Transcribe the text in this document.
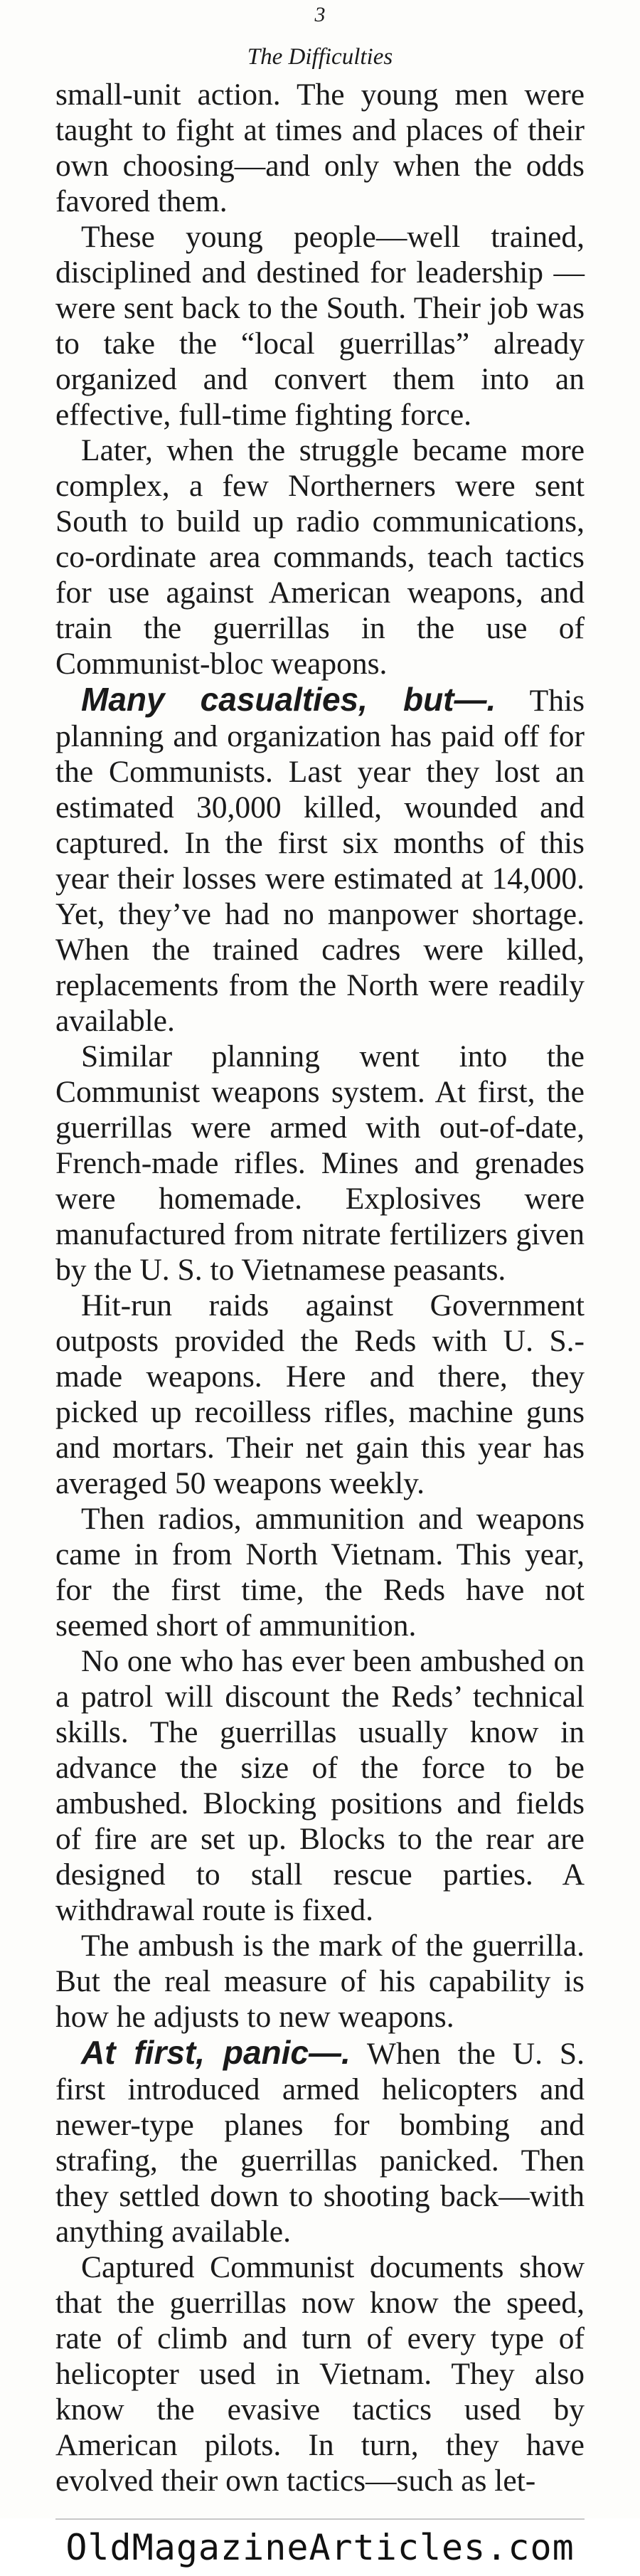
3
The Difficulties

small-unit action. The young men were taught to fight at times and places of their own choosing—and only when the odds favored them.

These young people—well trained, disciplined and destined for leadership —were sent back to the South. Their job was to take the “local guerrillas” already organized and convert them into an effective, full-time fighting force.

Later, when the struggle became more complex, a few Northerners were sent South to build up radio communications, co-ordinate area commands, teach tactics for use against American weapons, and train the guerrillas in the use of Communist-bloc weapons.

Many casualties, but—. This planning and organization has paid off for the Communists. Last year they lost an estimated 30,000 killed, wounded and captured. In the first six months of this year their losses were estimated at 14,000. Yet, they’ve had no manpower shortage. When the trained cadres were killed, replacements from the North were readily available.

Similar planning went into the Communist weapons system. At first, the guerrillas were armed with out-of-date, French-made rifles. Mines and grenades were homemade. Explosives were manufactured from nitrate fertilizers given by the U. S. to Vietnamese peasants.

Hit-run raids against Government outposts provided the Reds with U. S.-made weapons. Here and there, they picked up recoilless rifles, machine guns and mortars. Their net gain this year has averaged 50 weapons weekly.

Then radios, ammunition and weapons came in from North Vietnam. This year, for the first time, the Reds have not seemed short of ammunition.

No one who has ever been ambushed on a patrol will discount the Reds’ technical skills. The guerrillas usually know in advance the size of the force to be ambushed. Blocking positions and fields of fire are set up. Blocks to the rear are designed to stall rescue parties. A withdrawal route is fixed.

The ambush is the mark of the guerrilla. But the real measure of his capability is how he adjusts to new weapons.

At first, panic—. When the U. S. first introduced armed helicopters and newer-type planes for bombing and strafing, the guerrillas panicked. Then they settled down to shooting back—with anything available.

Captured Communist documents show that the guerrillas now know the speed, rate of climb and turn of every type of helicopter used in Vietnam. They also know the evasive tactics used by American pilots. In turn, they have evolved their own tactics—such as let-

OldMagazineArticles.com
